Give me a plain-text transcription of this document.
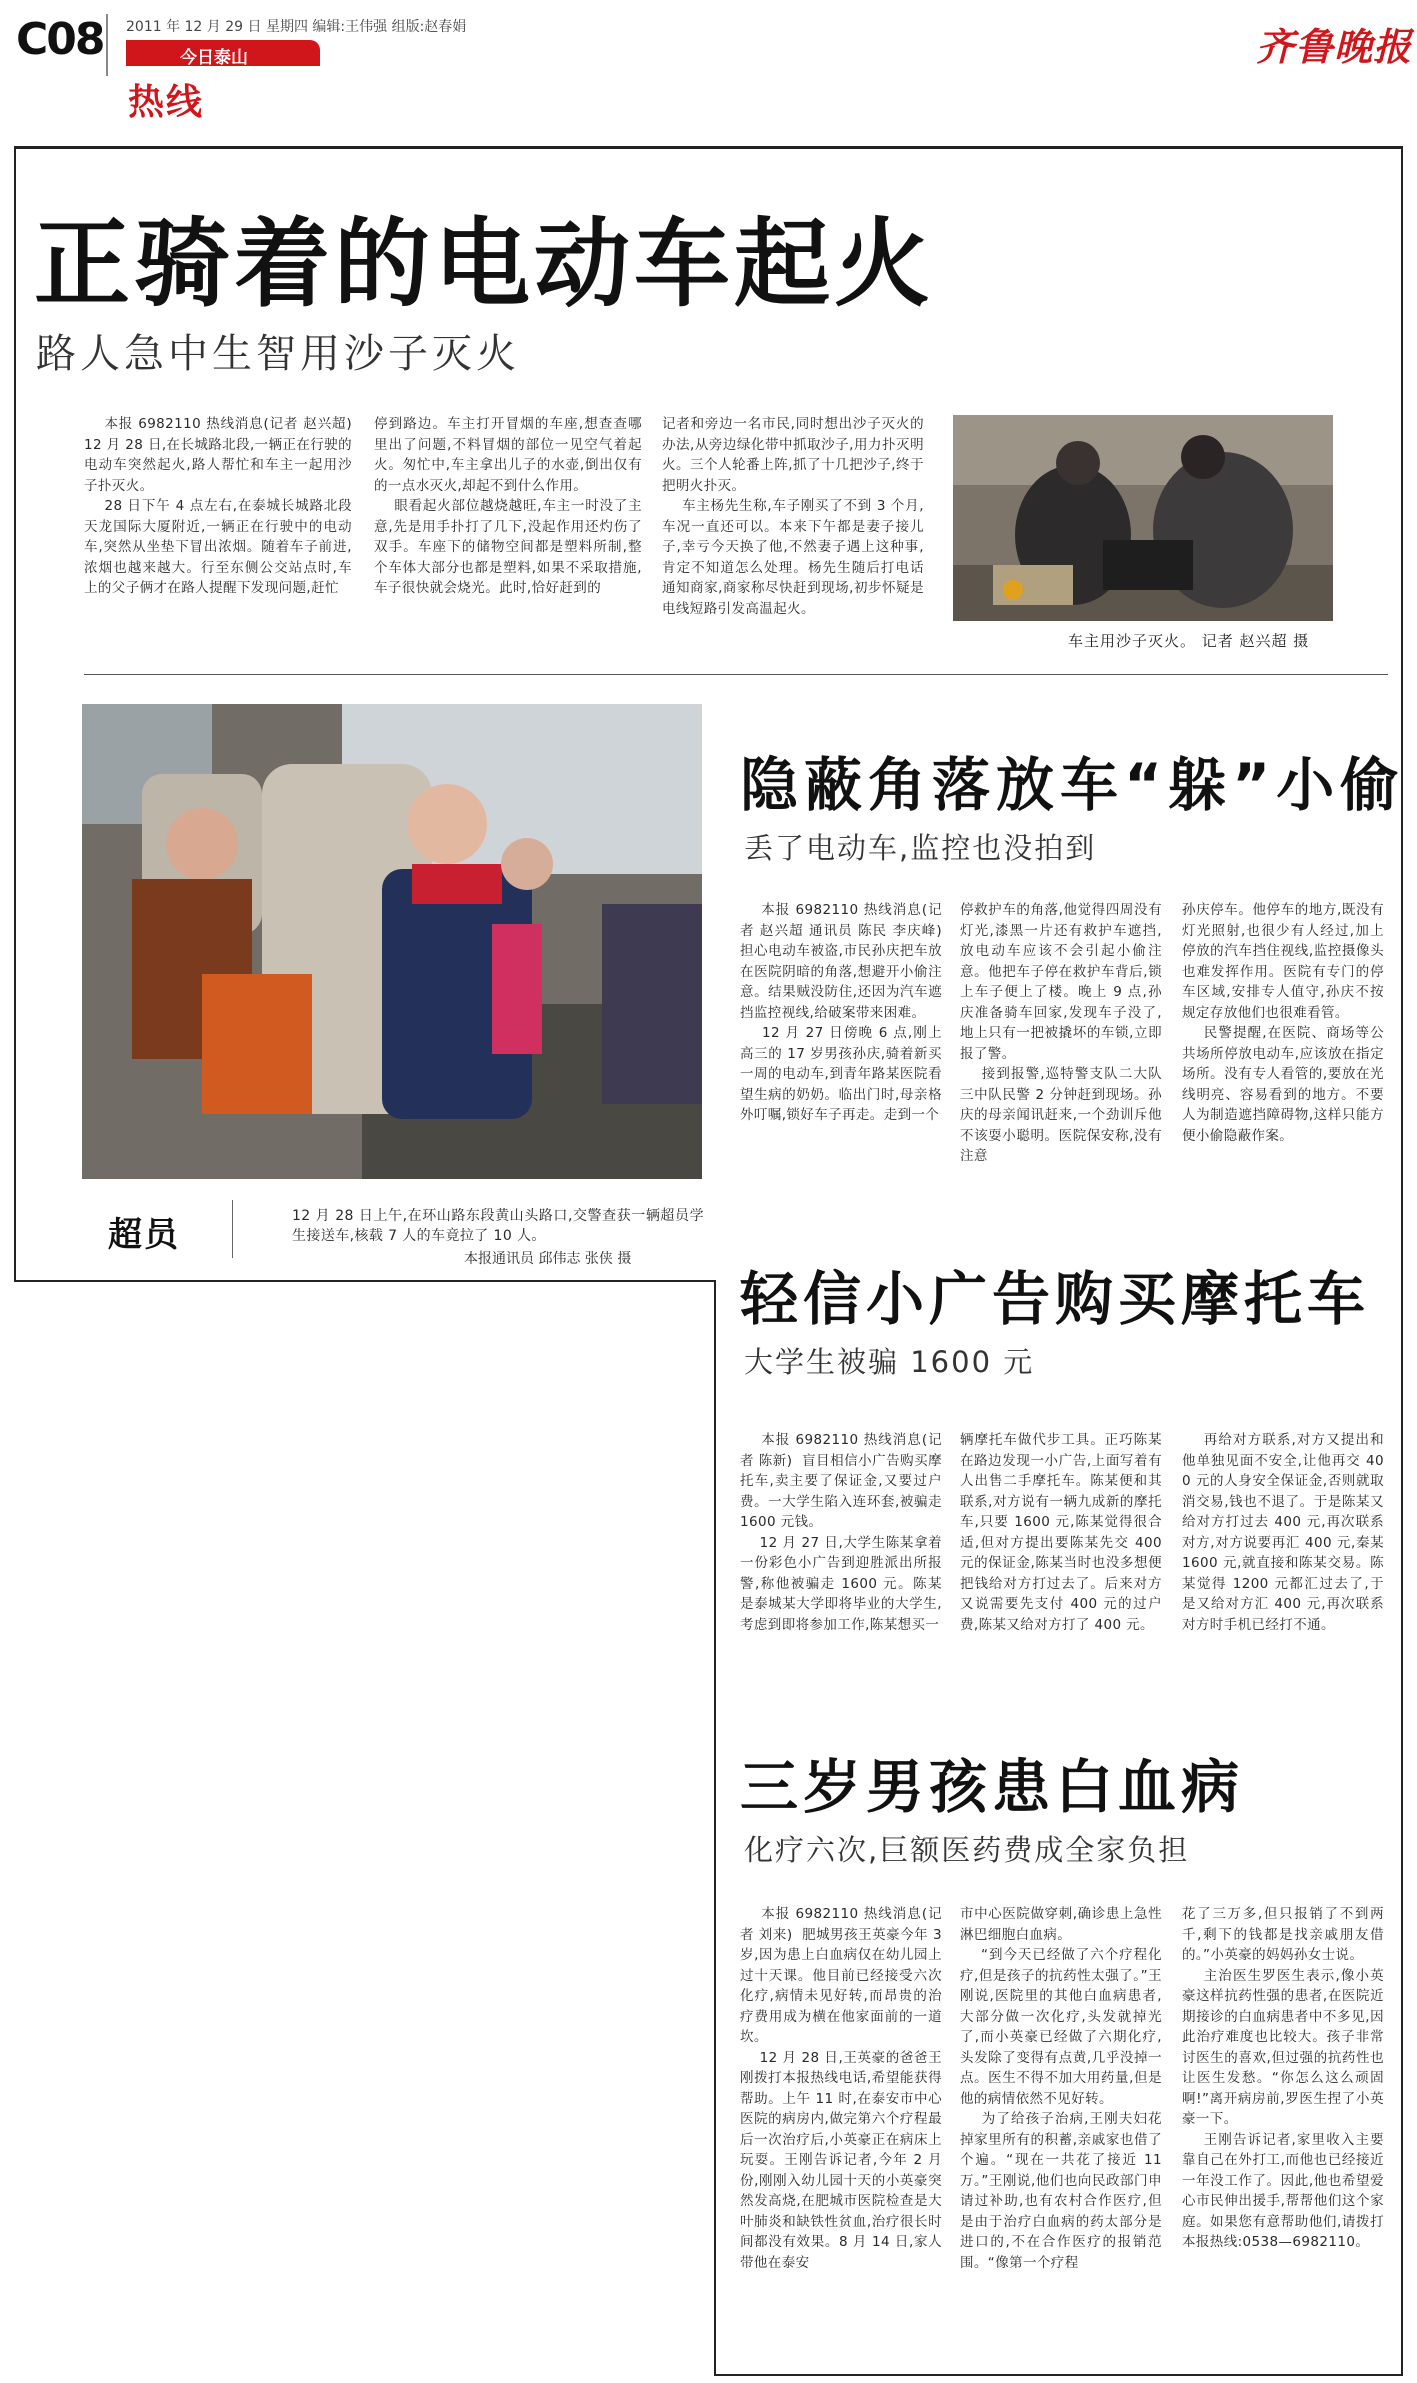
C08 2011 年 12 月 29 日 星期四 编辑:王伟强 组版:赵春娟
今日泰山
热线
齐鲁晚报
正骑着的电动车起火
路人急中生智用沙子灭火
本报 6982110 热线消息(记者 赵兴超)  12 月 28 日,在长城路北段,一辆正在行驶的电动车突然起火,路人帮忙和车主一起用沙子扑灭火。
28 日下午 4 点左右,在泰城长城路北段天龙国际大厦附近,一辆正在行驶中的电动车,突然从坐垫下冒出浓烟。随着车子前进,浓烟也越来越大。行至东侧公交站点时,车上的父子俩才在路人提醒下发现问题,赶忙
停到路边。车主打开冒烟的车座,想查查哪里出了问题,不料冒烟的部位一见空气着起火。匆忙中,车主拿出儿子的水壶,倒出仅有的一点水灭火,却起不到什么作用。
眼看起火部位越烧越旺,车主一时没了主意,先是用手扑打了几下,没起作用还灼伤了双手。车座下的储物空间都是塑料所制,整个车体大部分也都是塑料,如果不采取措施,车子很快就会烧光。此时,恰好赶到的
记者和旁边一名市民,同时想出沙子灭火的办法,从旁边绿化带中抓取沙子,用力扑灭明火。三个人轮番上阵,抓了十几把沙子,终于把明火扑灭。
车主杨先生称,车子刚买了不到 3 个月,车况一直还可以。本来下午都是妻子接儿子,幸亏今天换了他,不然妻子遇上这种事,肯定不知道怎么处理。杨先生随后打电话通知商家,商家称尽快赶到现场,初步怀疑是电线短路引发高温起火。
车主用沙子灭火。 记者 赵兴超 摄
超员	12 月 28 日上午,在环山路东段黄山头路口,交警查获一辆超员学生接送车,核载 7 人的车竟拉了 10 人。
本报通讯员 邱伟志 张侠 摄
隐蔽角落放车“躲”小偷
丢了电动车,监控也没拍到
本报 6982110 热线消息(记者 赵兴超 通讯员 陈民 李庆峰)  担心电动车被盗,市民孙庆把车放在医院阴暗的角落,想避开小偷注意。结果贼没防住,还因为汽车遮挡监控视线,给破案带来困难。
12 月 27 日傍晚 6 点,刚上高三的 17 岁男孩孙庆,骑着新买一周的电动车,到青年路某医院看望生病的奶奶。临出门时,母亲格外叮嘱,锁好车子再走。走到一个
停救护车的角落,他觉得四周没有灯光,漆黑一片还有救护车遮挡,放电动车应该不会引起小偷注意。他把车子停在救护车背后,锁上车子便上了楼。晚上 9 点,孙庆准备骑车回家,发现车子没了,地上只有一把被撬坏的车锁,立即报了警。
接到报警,巡特警支队二大队三中队民警 2 分钟赶到现场。孙庆的母亲闻讯赶来,一个劲训斥他不该耍小聪明。医院保安称,没有注意
孙庆停车。他停车的地方,既没有灯光照射,也很少有人经过,加上停放的汽车挡住视线,监控摄像头也难发挥作用。医院有专门的停车区域,安排专人值守,孙庆不按规定存放他们也很难看管。
民警提醒,在医院、商场等公共场所停放电动车,应该放在指定场所。没有专人看管的,要放在光线明亮、容易看到的地方。不要人为制造遮挡障碍物,这样只能方便小偷隐蔽作案。
轻信小广告购买摩托车
大学生被骗 1600 元
本报 6982110 热线消息(记者 陈新)  盲目相信小广告购买摩托车,卖主要了保证金,又要过户费。一大学生陷入连环套,被骗走 1600 元钱。
12 月 27 日,大学生陈某拿着一份彩色小广告到迎胜派出所报警,称他被骗走 1600 元。陈某是泰城某大学即将毕业的大学生,考虑到即将参加工作,陈某想买一
辆摩托车做代步工具。正巧陈某在路边发现一小广告,上面写着有人出售二手摩托车。陈某便和其联系,对方说有一辆九成新的摩托车,只要 1600 元,陈某觉得很合适,但对方提出要陈某先交 400 元的保证金,陈某当时也没多想便把钱给对方打过去了。后来对方又说需要先支付 400 元的过户费,陈某又给对方打了 400 元。
再给对方联系,对方又提出和他单独见面不安全,让他再交 400 元的人身安全保证金,否则就取消交易,钱也不退了。于是陈某又给对方打过去 400 元,再次联系对方,对方说要再汇 400 元,秦某 1600 元,就直接和陈某交易。陈某觉得 1200 元都汇过去了,于是又给对方汇 400 元,再次联系对方时手机已经打不通。
三岁男孩患白血病
化疗六次,巨额医药费成全家负担
本报 6982110 热线消息(记者 刘来)  肥城男孩王英豪今年 3 岁,因为患上白血病仅在幼儿园上过十天课。他目前已经接受六次化疗,病情未见好转,而昂贵的治疗费用成为横在他家面前的一道坎。
12 月 28 日,王英豪的爸爸王刚拨打本报热线电话,希望能获得帮助。上午 11 时,在泰安市中心医院的病房内,做完第六个疗程最后一次治疗后,小英豪正在病床上玩耍。王刚告诉记者,今年 2 月份,刚刚入幼儿园十天的小英豪突然发高烧,在肥城市医院检查是大叶肺炎和缺铁性贫血,治疗很长时间都没有效果。8 月 14 日,家人带他在泰安
市中心医院做穿刺,确诊患上急性淋巴细胞白血病。
“到今天已经做了六个疗程化疗,但是孩子的抗药性太强了。”王刚说,医院里的其他白血病患者,大部分做一次化疗,头发就掉光了,而小英豪已经做了六期化疗,头发除了变得有点黄,几乎没掉一点。医生不得不加大用药量,但是他的病情依然不见好转。
为了给孩子治病,王刚夫妇花掉家里所有的积蓄,亲戚家也借了个遍。“现在一共花了接近 11 万。”王刚说,他们也向民政部门申请过补助,也有农村合作医疗,但是由于治疗白血病的药太部分是进口的,不在合作医疗的报销范围。“像第一个疗程
花了三万多,但只报销了不到两千,剩下的钱都是找亲戚朋友借的。”小英豪的妈妈孙女士说。
主治医生罗医生表示,像小英豪这样抗药性强的患者,在医院近期接诊的白血病患者中不多见,因此治疗难度也比较大。孩子非常讨医生的喜欢,但过强的抗药性也让医生发愁。“你怎么这么顽固啊!”离开病房前,罗医生捏了小英豪一下。
王刚告诉记者,家里收入主要靠自己在外打工,而他也已经接近一年没工作了。因此,他也希望爱心市民伸出援手,帮帮他们这个家庭。如果您有意帮助他们,请拨打本报热线:0538—6982110。
